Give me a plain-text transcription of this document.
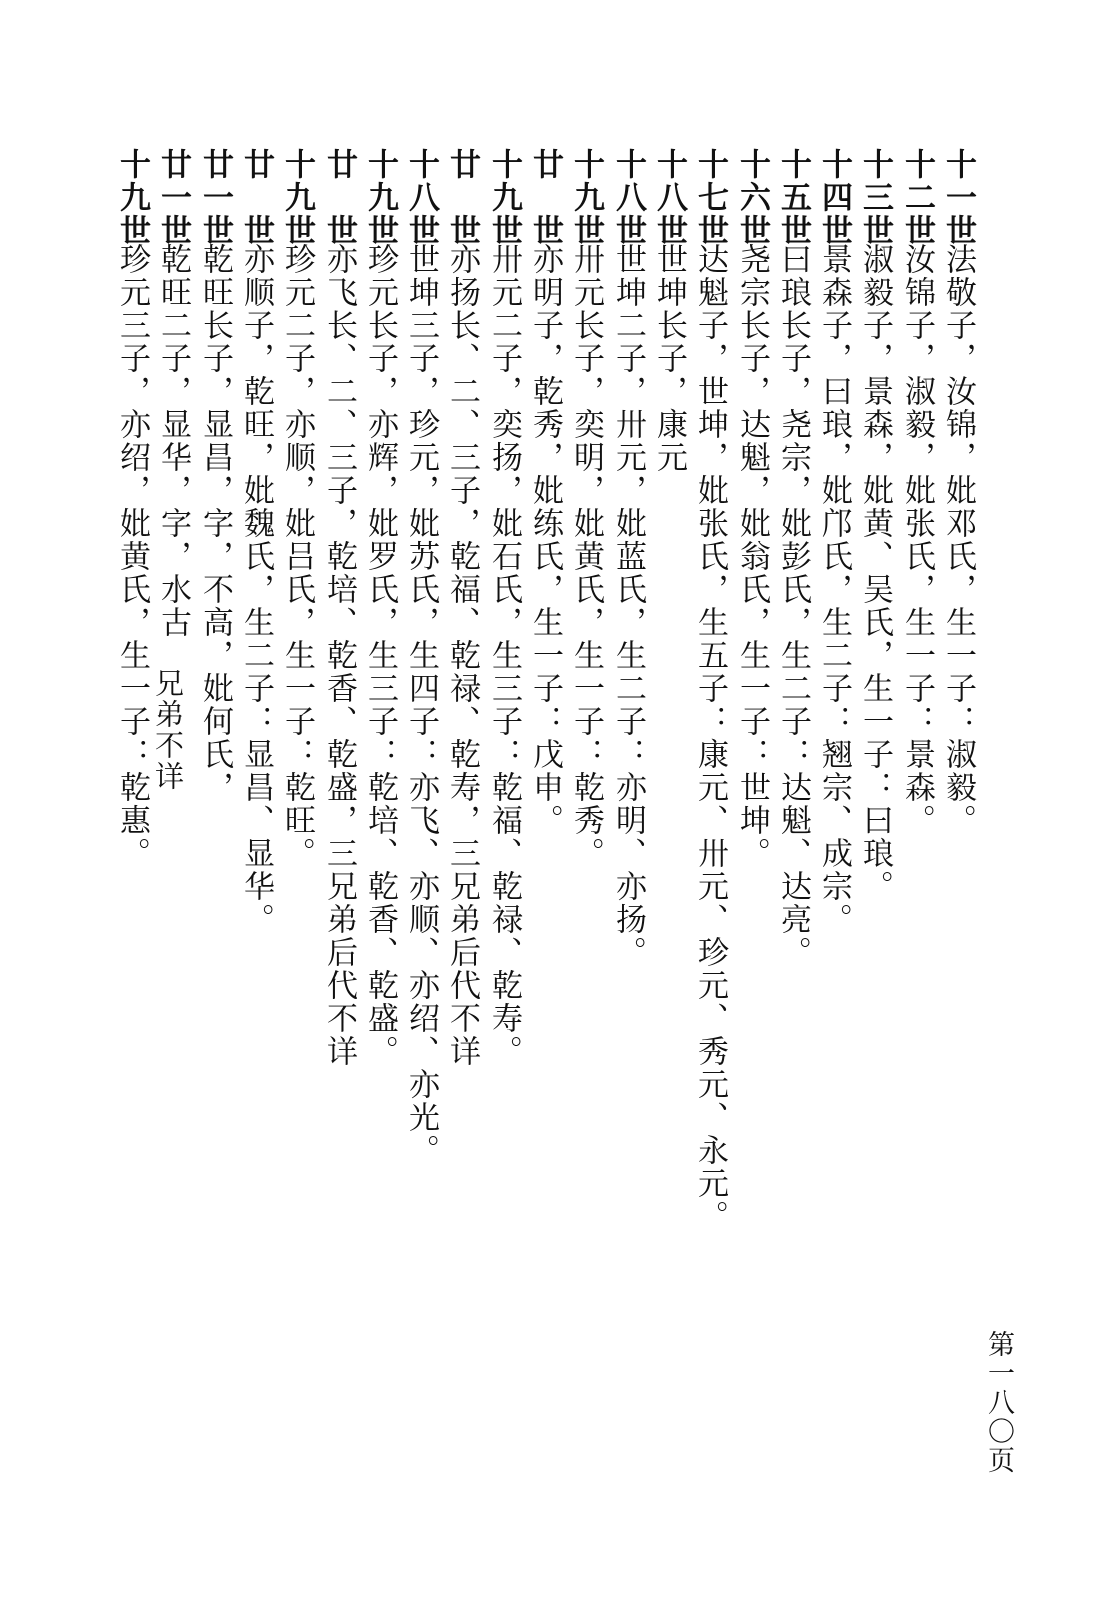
十一世法敬子，汝锦，妣邓氏，生一子：淑毅。
十二世汝锦子，淑毅，妣张氏，生一子：景森。
十三世淑毅子，景森，妣黄、吴氏，生一子：曰琅。
十四世景森子，曰琅，妣邝氏，生二子：翘宗、成宗。
十五世曰琅长子，尧宗，妣彭氏，生二子：达魁、达亮。
十六世尧宗长子，达魁，妣翁氏，生一子：世坤。
十七世达魁子，世坤，妣张氏，生五子：康元、卅元、珍元、秀元、永元。
十八世世坤长子，康元
十八世世坤二子，卅元，妣蓝氏，生二子：亦明、亦扬。
十九世卅元长子，奕明，妣黄氏，生一子：乾秀。
廿　世亦明子，乾秀，妣练氏，生一子：戊申。
十九世卅元二子，奕扬，妣石氏，生三子：乾福、乾禄、乾寿。
廿　世亦扬长、二、三子，乾福、乾禄、乾寿，三兄弟后代不详
十八世世坤三子，珍元，妣苏氏，生四子：亦飞、亦顺、亦绍、亦光。
十九世珍元长子，亦辉，妣罗氏，生三子：乾培、乾香、乾盛。
廿　世亦飞长、二、三子，乾培、乾香、乾盛，三兄弟后代不详
十九世珍元二子，亦顺，妣吕氏，生一子：乾旺。
廿　世亦顺子，乾旺，妣魏氏，生二子：显昌、显华。
廿一世乾旺长子，显昌，字，不高，妣何氏，
廿一世乾旺二子，显华，字，水古
十九世珍元三子，亦绍，妣黄氏，生一子：乾惠。 兄弟不详
第一八〇页
